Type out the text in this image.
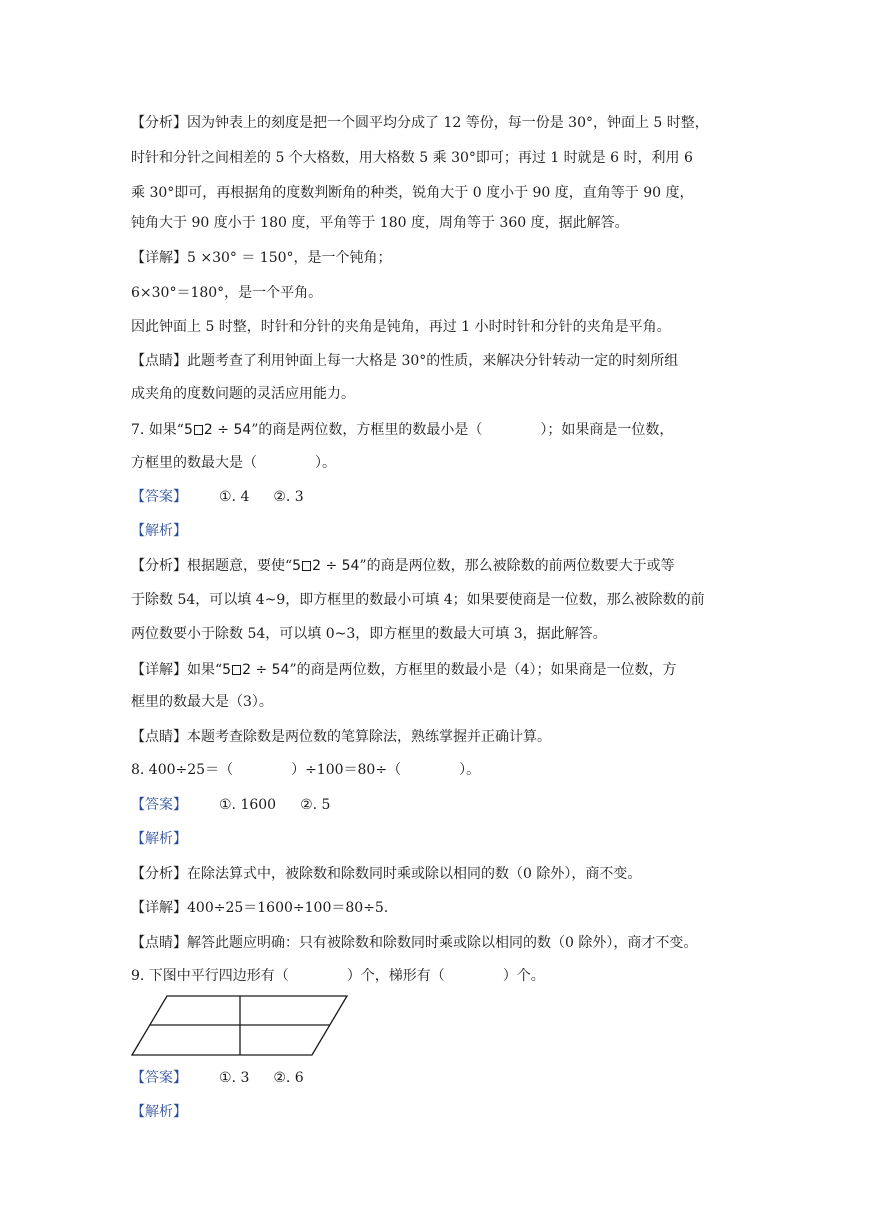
【分析】因为钟表上的刻度是把一个圆平均分成了 12 等份，每一份是 30°，钟面上 5 时整，
时针和分针之间相差的 5 个大格数，用大格数 5 乘 30°即可；再过 1 时就是 6 时，利用 6
乘 30°即可，再根据角的度数判断角的种类，锐角大于 0 度小于 90 度，直角等于 90 度，
钝角大于 90 度小于 180 度，平角等于 180 度，周角等于 360 度，据此解答。
【详解】5 ×30° ＝ 150°，是一个钝角；
6×30°＝180°，是一个平角。
因此钟面上 5 时整，时针和分针的夹角是钝角，再过 1 小时时针和分针的夹角是平角。
【点睛】此题考查了利用钟面上每一大格是 30°的性质，来解决分针转动一定的时刻所组
成夹角的度数问题的灵活应用能力。
7. 如果“5 2 ÷ 54”的商是两位数，方框里的数最小是（	）；如果商是一位数，
方框里的数最大是（	）。
【答案】 ①. 4 ②. 3
【解析】
【分析】根据题意，要使“5 2 ÷ 54”的商是两位数，那么被除数的前两位数要大于或等
于除数 54，可以填 4~9，即方框里的数最小可填 4；如果要使商是一位数，那么被除数的前
两位数要小于除数 54，可以填 0~3，即方框里的数最大可填 3，据此解答。
【详解】如果“5 2 ÷ 54”的商是两位数，方框里的数最小是（4）；如果商是一位数，方
框里的数最大是（3）。
【点睛】本题考查除数是两位数的笔算除法，熟练掌握并正确计算。
8. 400÷25＝（	）÷100＝80÷（	）。
【答案】 ①. 1600 ②. 5
【解析】
【分析】在除法算式中，被除数和除数同时乘或除以相同的数（0 除外），商不变。
【详解】400÷25＝1600÷100＝80÷5.
【点睛】解答此题应明确：只有被除数和除数同时乘或除以相同的数（0 除外），商才不变。
9. 下图中平行四边形有（	）个，梯形有（	）个。
【答案】 ①. 3 ②. 6
【解析】
